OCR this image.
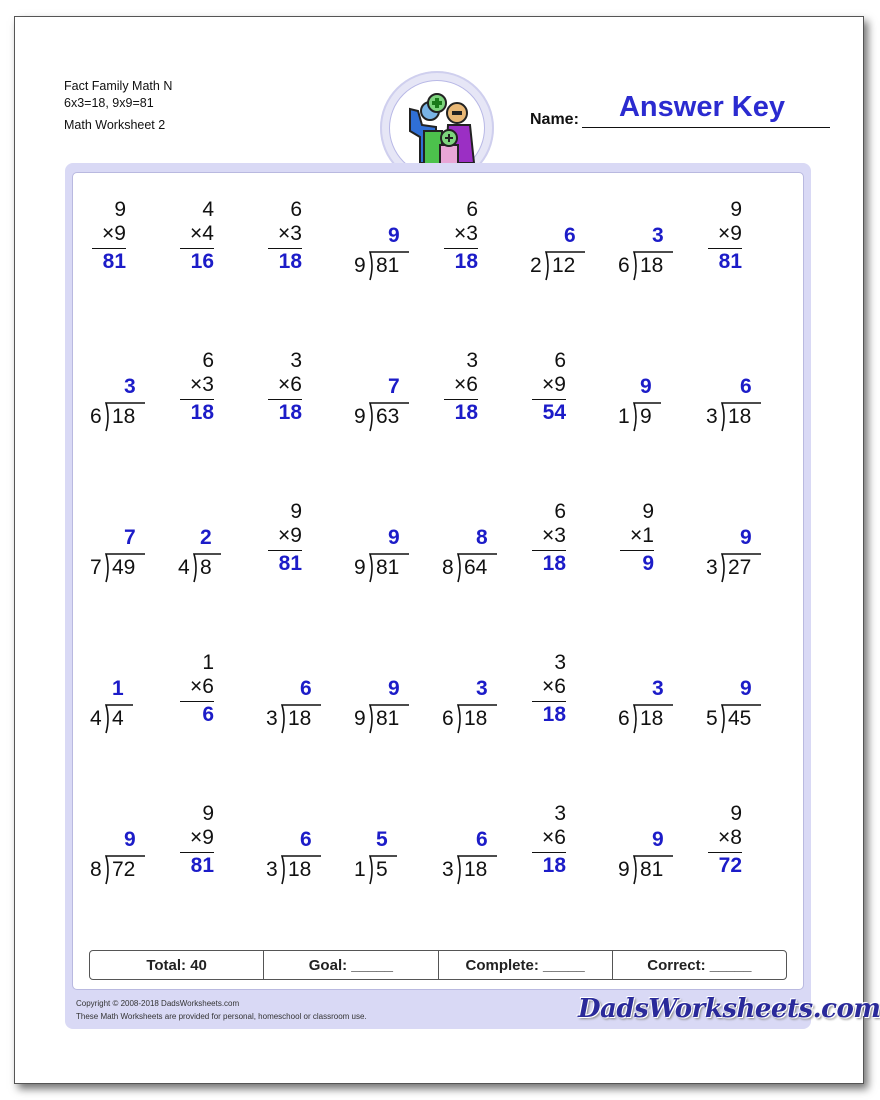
Fact Family Math N
6x3=18, 9x9=81
Math Worksheet 2	Name:	Answer Key
9
×9
81
4
×4
16
6
×3
18 9 81
9
6
×3
18 2 12
6
6 18
3
9
×9
81
6 18
3
6
×3
18
3
×6
18 9 63
7
3
×6
18
6
×9
54 1 9
9
3 18
6
7 49
7
4 8
2
9
×9
81 9 81
9
8 64
8
6
×3
18
9
×1
9 3 27
9
4 4
1
1
×6
6 3 18
6
9 81
9
6 18
3
3
×6
18 6 18
3
5 45
9
8 72
9
9
×9
81 3 18
6
1 5
5
3 18
6
3
×6
18 9 81
9
9
×8
72
Total: 40	Goal: _____	Complete: _____	Correct: _____
Copyright © 2008-2018 DadsWorksheets.com
These Math Worksheets are provided for personal, homeschool or classroom use.	DadsWorksheets.com
